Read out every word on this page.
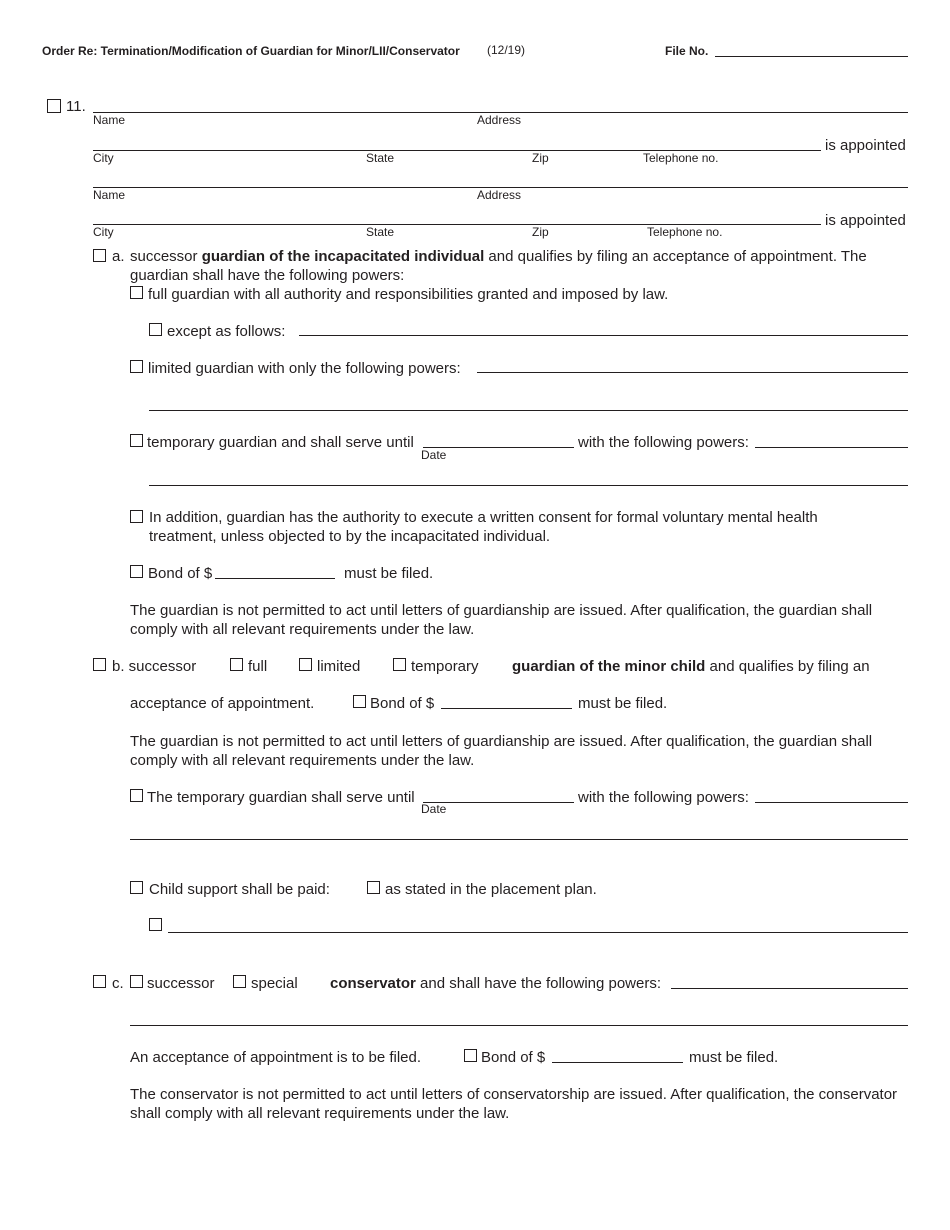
Order Re: Termination/Modification of Guardian for Minor/LII/Conservator (12/19)	File No.
11.
Name	Address
is appointed
City	State	Zip	Telephone no.
Name	Address
is appointed
City	State	Zip	Telephone no.
a. successor guardian of the incapacitated individual and qualifies by filing an acceptance of appointment. The
guardian shall have the following powers:
full guardian with all authority and responsibilities granted and imposed by law.
except as follows:
limited guardian with only the following powers:
temporary guardian and shall serve until
Date
with the following powers:
In addition, guardian has the authority to execute a written consent for formal voluntary mental health
treatment, unless objected to by the incapacitated individual.
Bond of $	must be filed.
The guardian is not permitted to act until letters of guardianship are issued. After qualification, the guardian shall
comply with all relevant requirements under the law.
b. successor	full	limited	temporary guardian of the minor child and qualifies by filing an
acceptance of appointment.	Bond of $	must be filed.
The guardian is not permitted to act until letters of guardianship are issued. After qualification, the guardian shall
comply with all relevant requirements under the law.
The temporary guardian shall serve until
Date
with the following powers:
Child support shall be paid:	as stated in the placement plan.
c. successor special conservator and shall have the following powers:
An acceptance of appointment is to be filed.	Bond of $	must be filed.
The conservator is not permitted to act until letters of conservatorship are issued. After qualification, the conservator
shall comply with all relevant requirements under the law.
